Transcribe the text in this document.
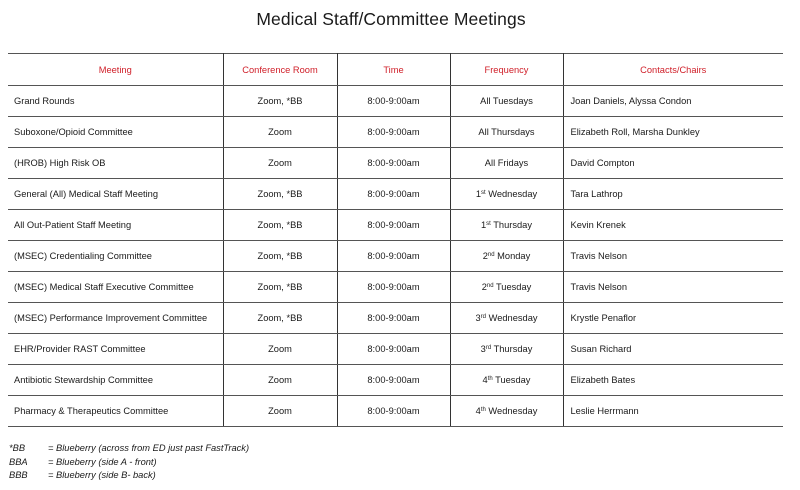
Medical Staff/Committee Meetings
Meeting	Conference Room	Time	Frequency	Contacts/Chairs
Grand Rounds	Zoom, *BB	8:00-9:00am	All Tuesdays	Joan Daniels, Alyssa Condon
Suboxone/Opioid Committee	Zoom	8:00-9:00am	All Thursdays	Elizabeth Roll, Marsha Dunkley
(HROB) High Risk OB	Zoom	8:00-9:00am	All Fridays	David Compton
General (All) Medical Staff Meeting	Zoom, *BB	8:00-9:00am	1st Wednesday	Tara Lathrop
All Out-Patient Staff Meeting	Zoom, *BB	8:00-9:00am	1st Thursday	Kevin Krenek
(MSEC) Credentialing Committee	Zoom, *BB	8:00-9:00am	2nd Monday	Travis Nelson
(MSEC) Medical Staff Executive Committee	Zoom, *BB	8:00-9:00am	2nd Tuesday	Travis Nelson
(MSEC) Performance Improvement Committee	Zoom, *BB	8:00-9:00am	3rd Wednesday	Krystle Penaflor
EHR/Provider RAST Committee	Zoom	8:00-9:00am	3rd Thursday	Susan Richard
Antibiotic Stewardship Committee	Zoom	8:00-9:00am	4th Tuesday	Elizabeth Bates
Pharmacy & Therapeutics Committee	Zoom	8:00-9:00am	4th Wednesday	Leslie Herrmann
*BB	= Blueberry (across from ED just past FastTrack)
BBA	= Blueberry (side A - front)
BBB	= Blueberry (side B- back)
